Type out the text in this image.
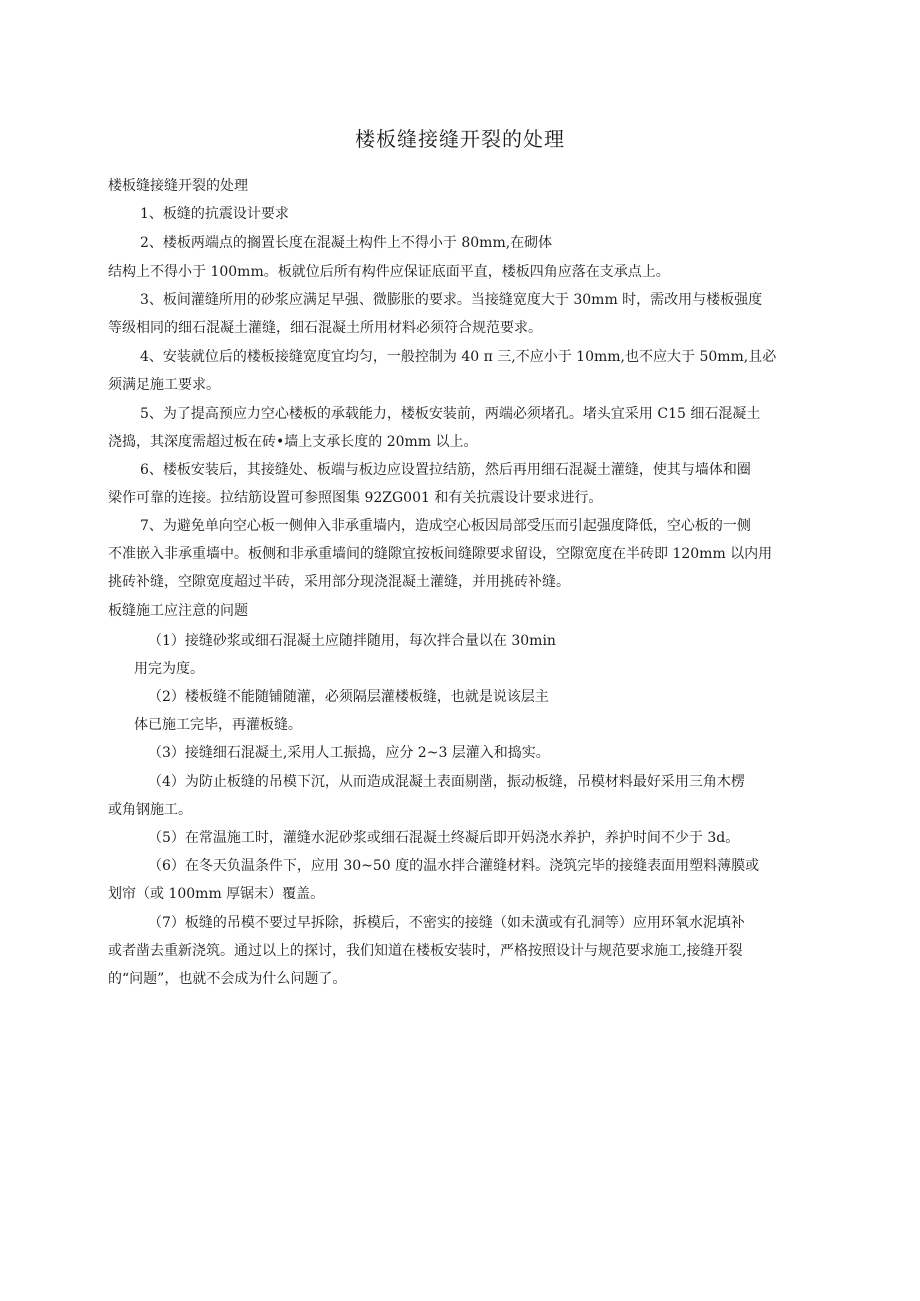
楼板缝接缝开裂的处理
楼板缝接缝开裂的处理
1、板缝的抗震设计要求
2、楼板两端点的搁置长度在混凝土构件上不得小于 80mm,在砌体
结构上不得小于 100mm。板就位后所有构件应保证底面平直，楼板四角应落在支承点上。
3、板间灌缝所用的砂浆应满足早强、微膨胀的要求。当接缝宽度大于 30mm 时，需改用与楼板强度
等级相同的细石混凝土灌缝，细石混凝土所用材料必须符合规范要求。
4、安装就位后的楼板接缝宽度宜均匀，一般控制为 40 π 三,不应小于 10mm,也不应大于 50mm,且必
须满足施工要求。
5、为了提高预应力空心楼板的承载能力，楼板安装前，两端必须堵孔。堵头宜采用 C15 细石混凝土
浇捣，其深度需超过板在砖•墙上支承长度的 20mm 以上。
6、楼板安装后，其接缝处、板端与板边应设置拉结筋，然后再用细石混凝土灌缝，使其与墙体和圈
梁作可靠的连接。拉结筋设置可参照图集 92ZG001 和有关抗震设计要求进行。
7、为避免单向空心板一侧伸入非承重墙内，造成空心板因局部受压而引起强度降低，空心板的一侧
不准嵌入非承重墙中。板侧和非承重墙间的缝隙宜按板间缝隙要求留设，空隙宽度在半砖即 120mm 以内用
挑砖补缝，空隙宽度超过半砖，采用部分现浇混凝土灌缝，并用挑砖补缝。
板缝施工应注意的问题
（1）接缝砂浆或细石混凝土应随拌随用，每次拌合量以在 30min
用完为度。
（2）楼板缝不能随铺随灌，必须隔层灌楼板缝，也就是说该层主
体已施工完毕，再灌板缝。
（3）接缝细石混凝土,采用人工振捣，应分 2~3 层灌入和捣实。
（4）为防止板缝的吊模下沉，从而造成混凝土表面剔凿，振动板缝，吊模材料最好采用三角木楞
或角钢施工。
（5）在常温施工时，灌缝水泥砂浆或细石混凝土终凝后即开妈浇水养护，养护时间不少于 3d。
（6）在冬天负温条件下，应用 30~50 度的温水拌合灌缝材料。浇筑完毕的接缝表面用塑料薄膜或
划帘（或 100mm 厚锯末）覆盖。
（7）板缝的吊模不要过早拆除，拆模后，不密实的接缝（如未潢或有孔洞等）应用环氧水泥填补
或者凿去重新浇筑。通过以上的探讨，我们知道在楼板安装时，严格按照设计与规范要求施工,接缝开裂
的“问题”，也就不会成为什么问题了。
